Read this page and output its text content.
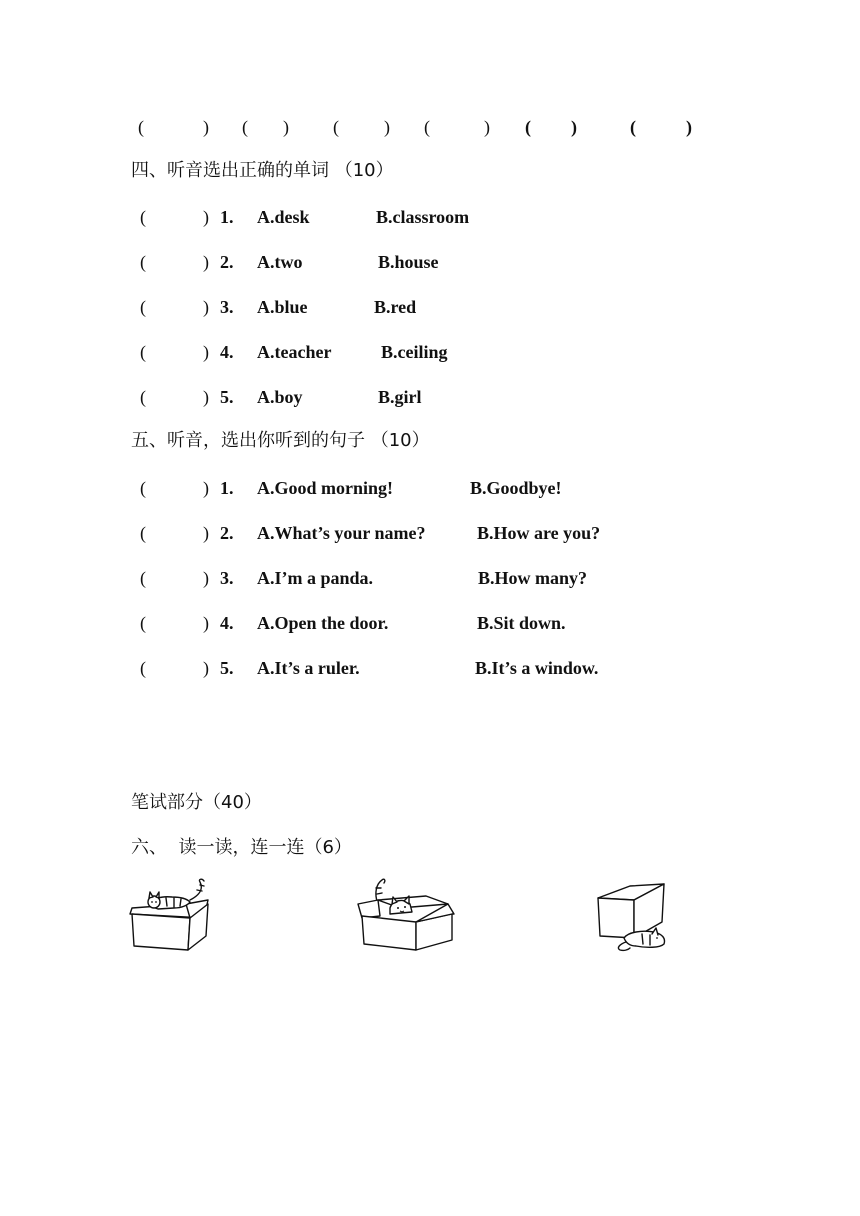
(	) ( ) (	) (	) ( )	(	)
四、听音选出正确的单词 （10）
(	) 1. A.desk	B.classroom
(	) 2. A.two	B.house
(	) 3. A.blue	B.red
(	) 4. A.teacher	B.ceiling
(	) 5. A.boy	B.girl
五、听音，选出你听到的句子 （10）
(	) 1. A.Good morning!	B.Goodbye!
(	) 2. A.What’s your name?	B.How are you?
(	) 3. A.I’m a panda.	B.How many?
(	) 4. A.Open the door.	B.Sit down.
(	) 5. A.It’s a ruler.	B.It’s a window.
笔试部分（40）
六、  读一读，连一连（6）
